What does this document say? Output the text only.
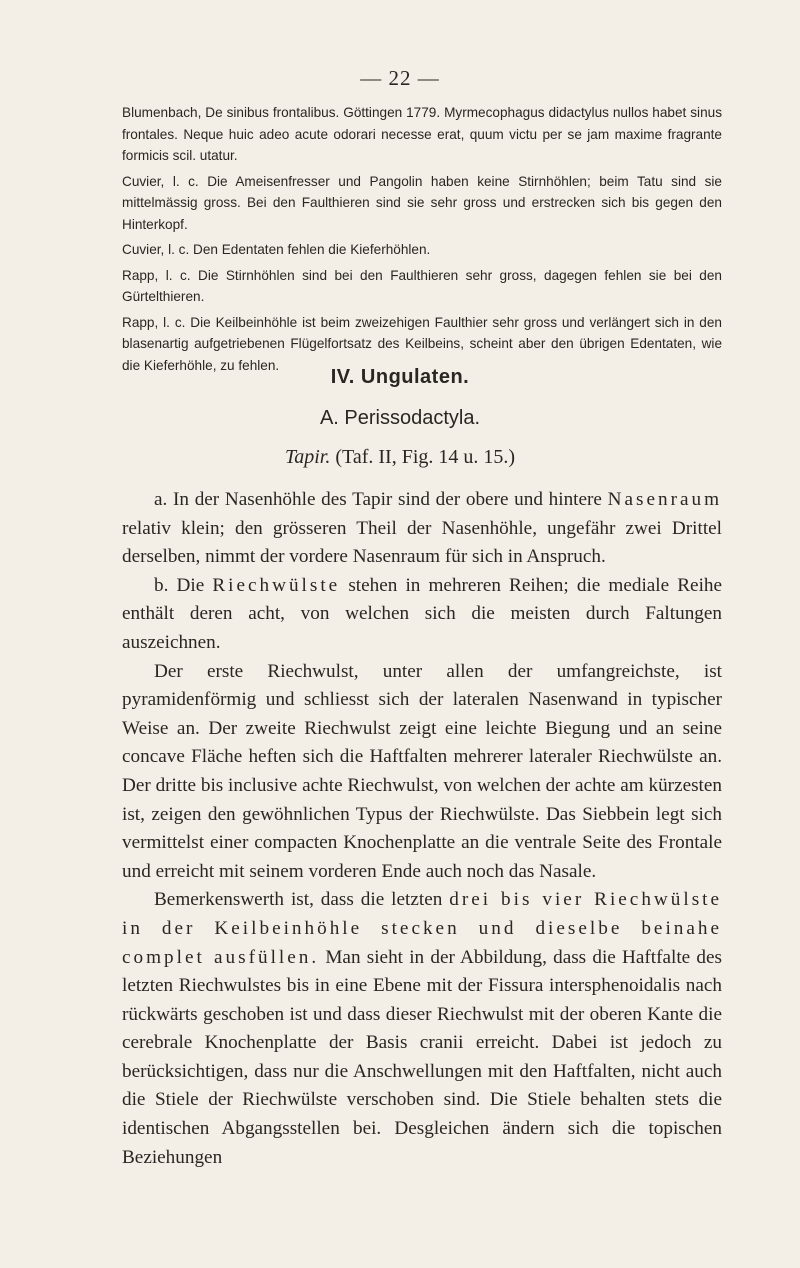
— 22 —

Blumenbach, De sinibus frontalibus. Göttingen 1779. Myrmecophagus didactylus nullos habet sinus frontales. Neque huic adeo acute odorari necesse erat, quum victu per se jam maxime fragrante formicis scil. utatur.

Cuvier, l. c. Die Ameisenfresser und Pangolin haben keine Stirnhöhlen; beim Tatu sind sie mittelmässig gross. Bei den Faulthieren sind sie sehr gross und erstrecken sich bis gegen den Hinterkopf.

Cuvier, l. c. Den Edentaten fehlen die Kieferhöhlen.

Rapp, l. c. Die Stirnhöhlen sind bei den Faulthieren sehr gross, dagegen fehlen sie bei den Gürtelthieren.

Rapp, l. c. Die Keilbeinhöhle ist beim zweizehigen Faulthier sehr gross und verlängert sich in den blasenartig aufgetriebenen Flügelfortsatz des Keilbeins, scheint aber den übrigen Edentaten, wie die Kieferhöhle, zu fehlen.

IV. Ungulaten.
A. Perissodactyla.
Tapir. (Taf. II, Fig. 14 u. 15.)

a. In der Nasenhöhle des Tapir sind der obere und hintere Nasenraum relativ klein; den grösseren Theil der Nasenhöhle, ungefähr zwei Drittel derselben, nimmt der vordere Nasenraum für sich in Anspruch.

b. Die Riechwülste stehen in mehreren Reihen; die mediale Reihe enthält deren acht, von welchen sich die meisten durch Faltungen auszeichnen.

Der erste Riechwulst, unter allen der umfangreichste, ist pyramidenförmig und schliesst sich der lateralen Nasenwand in typischer Weise an. Der zweite Riechwulst zeigt eine leichte Biegung und an seine concave Fläche heften sich die Haftfalten mehrerer lateraler Riechwülste an. Der dritte bis inclusive achte Riechwulst, von welchen der achte am kürzesten ist, zeigen den gewöhnlichen Typus der Riechwülste. Das Siebbein legt sich vermittelst einer compacten Knochenplatte an die ventrale Seite des Frontale und erreicht mit seinem vorderen Ende auch noch das Nasale.

Bemerkenswerth ist, dass die letzten drei bis vier Riechwülste in der Keilbeinhöhle stecken und dieselbe beinahe complet ausfüllen. Man sieht in der Abbildung, dass die Haftfalte des letzten Riechwulstes bis in eine Ebene mit der Fissura intersphenoidalis nach rückwärts geschoben ist und dass dieser Riechwulst mit der oberen Kante die cerebrale Knochenplatte der Basis cranii erreicht. Dabei ist jedoch zu berücksichtigen, dass nur die Anschwellungen mit den Haftfalten, nicht auch die Stiele der Riechwülste verschoben sind. Die Stiele behalten stets die identischen Abgangsstellen bei. Desgleichen ändern sich die topischen Beziehungen
